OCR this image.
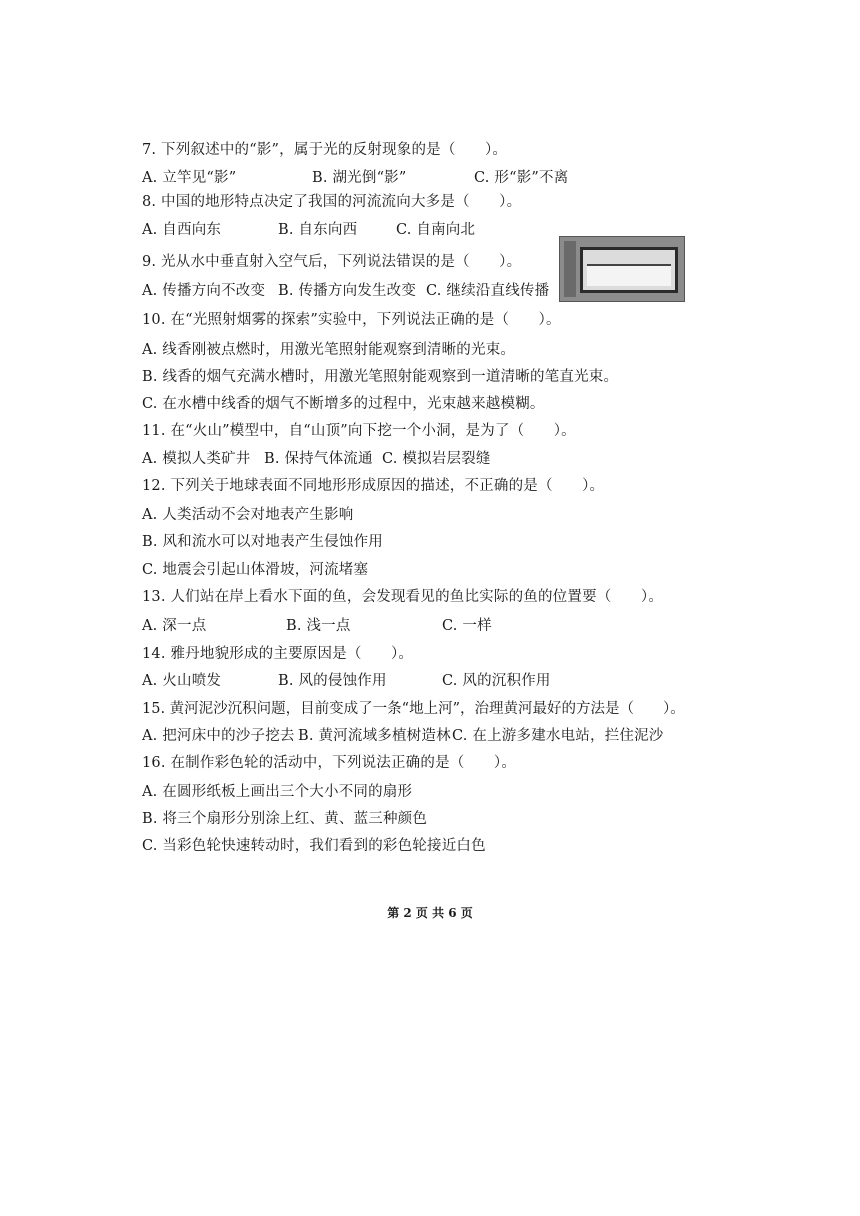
7. 下列叙述中的“影”，属于光的反射现象的是（　　）。
A. 立竿见“影”	B. 湖光倒“影”	C. 形“影”不离
8. 中国的地形特点决定了我国的河流流向大多是（　　）。
A. 自西向东	B. 自东向西	C. 自南向北
9. 光从水中垂直射入空气后，下列说法错误的是（　　）。
A. 传播方向不改变 B. 传播方向发生改变 C. 继续沿直线传播
10. 在“光照射烟雾的探索”实验中，下列说法正确的是（　　）。
A. 线香刚被点燃时，用激光笔照射能观察到清晰的光束。
B. 线香的烟气充满水槽时，用激光笔照射能观察到一道清晰的笔直光束。
C. 在水槽中线香的烟气不断增多的过程中，光束越来越模糊。
11. 在“火山”模型中，自“山顶”向下挖一个小洞，是为了（　　）。
A. 模拟人类矿井 B. 保持气体流通 C. 模拟岩层裂缝
12. 下列关于地球表面不同地形形成原因的描述，不正确的是（　　）。
A. 人类活动不会对地表产生影响
B. 风和流水可以对地表产生侵蚀作用
C. 地震会引起山体滑坡，河流堵塞
13. 人们站在岸上看水下面的鱼，会发现看见的鱼比实际的鱼的位置要（　　）。
A. 深一点	B. 浅一点	C. 一样
14. 雅丹地貌形成的主要原因是（　　）。
A. 火山喷发	B. 风的侵蚀作用	C. 风的沉积作用
15. 黄河泥沙沉积问题，目前变成了一条“地上河”，治理黄河最好的方法是（　　）。
A. 把河床中的沙子挖去 B. 黄河流域多植树造林 C. 在上游多建水电站，拦住泥沙
16. 在制作彩色轮的活动中，下列说法正确的是（　　）。
A. 在圆形纸板上画出三个大小不同的扇形
B. 将三个扇形分别涂上红、黄、蓝三种颜色
C. 当彩色轮快速转动时，我们看到的彩色轮接近白色
第 2 页 共 6 页
